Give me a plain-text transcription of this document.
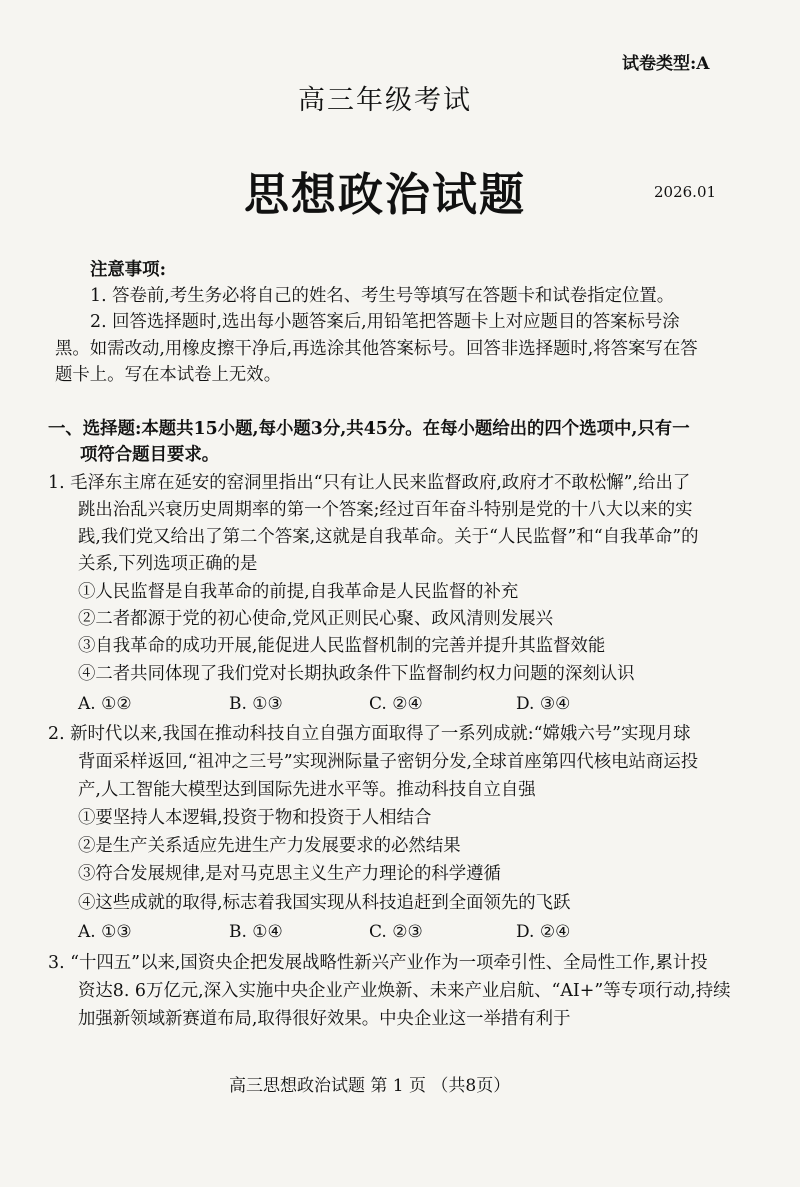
试卷类型:A
高三年级考试
思想政治试题	2026.01
注意事项:
1. 答卷前,考生务必将自己的姓名、考生号等填写在答题卡和试卷指定位置。
2. 回答选择题时,选出每小题答案后,用铅笔把答题卡上对应题目的答案标号涂
黑。如需改动,用橡皮擦干净后,再选涂其他答案标号。回答非选择题时,将答案写在答
题卡上。写在本试卷上无效。
一、选择题:本题共15小题,每小题3分,共45分。在每小题给出的四个选项中,只有一
项符合题目要求。
1. 毛泽东主席在延安的窑洞里指出“只有让人民来监督政府,政府才不敢松懈”,给出了
跳出治乱兴衰历史周期率的第一个答案;经过百年奋斗特别是党的十八大以来的实
践,我们党又给出了第二个答案,这就是自我革命。关于“人民监督”和“自我革命”的
关系,下列选项正确的是
①人民监督是自我革命的前提,自我革命是人民监督的补充
②二者都源于党的初心使命,党风正则民心聚、政风清则发展兴
③自我革命的成功开展,能促进人民监督机制的完善并提升其监督效能
④二者共同体现了我们党对长期执政条件下监督制约权力问题的深刻认识
A. ①②	B. ①③	C. ②④	D. ③④
2. 新时代以来,我国在推动科技自立自强方面取得了一系列成就:“嫦娥六号”实现月球
背面采样返回,“祖冲之三号”实现洲际量子密钥分发,全球首座第四代核电站商运投
产,人工智能大模型达到国际先进水平等。推动科技自立自强
①要坚持人本逻辑,投资于物和投资于人相结合
②是生产关系适应先进生产力发展要求的必然结果
③符合发展规律,是对马克思主义生产力理论的科学遵循
④这些成就的取得,标志着我国实现从科技追赶到全面领先的飞跃
A. ①③	B. ①④	C. ②③	D. ②④
3. “十四五”以来,国资央企把发展战略性新兴产业作为一项牵引性、全局性工作,累计投
资达8. 6万亿元,深入实施中央企业产业焕新、未来产业启航、“AI+”等专项行动,持续
加强新领域新赛道布局,取得很好效果。中央企业这一举措有利于
高三思想政治试题 第 1 页 （共8页）
